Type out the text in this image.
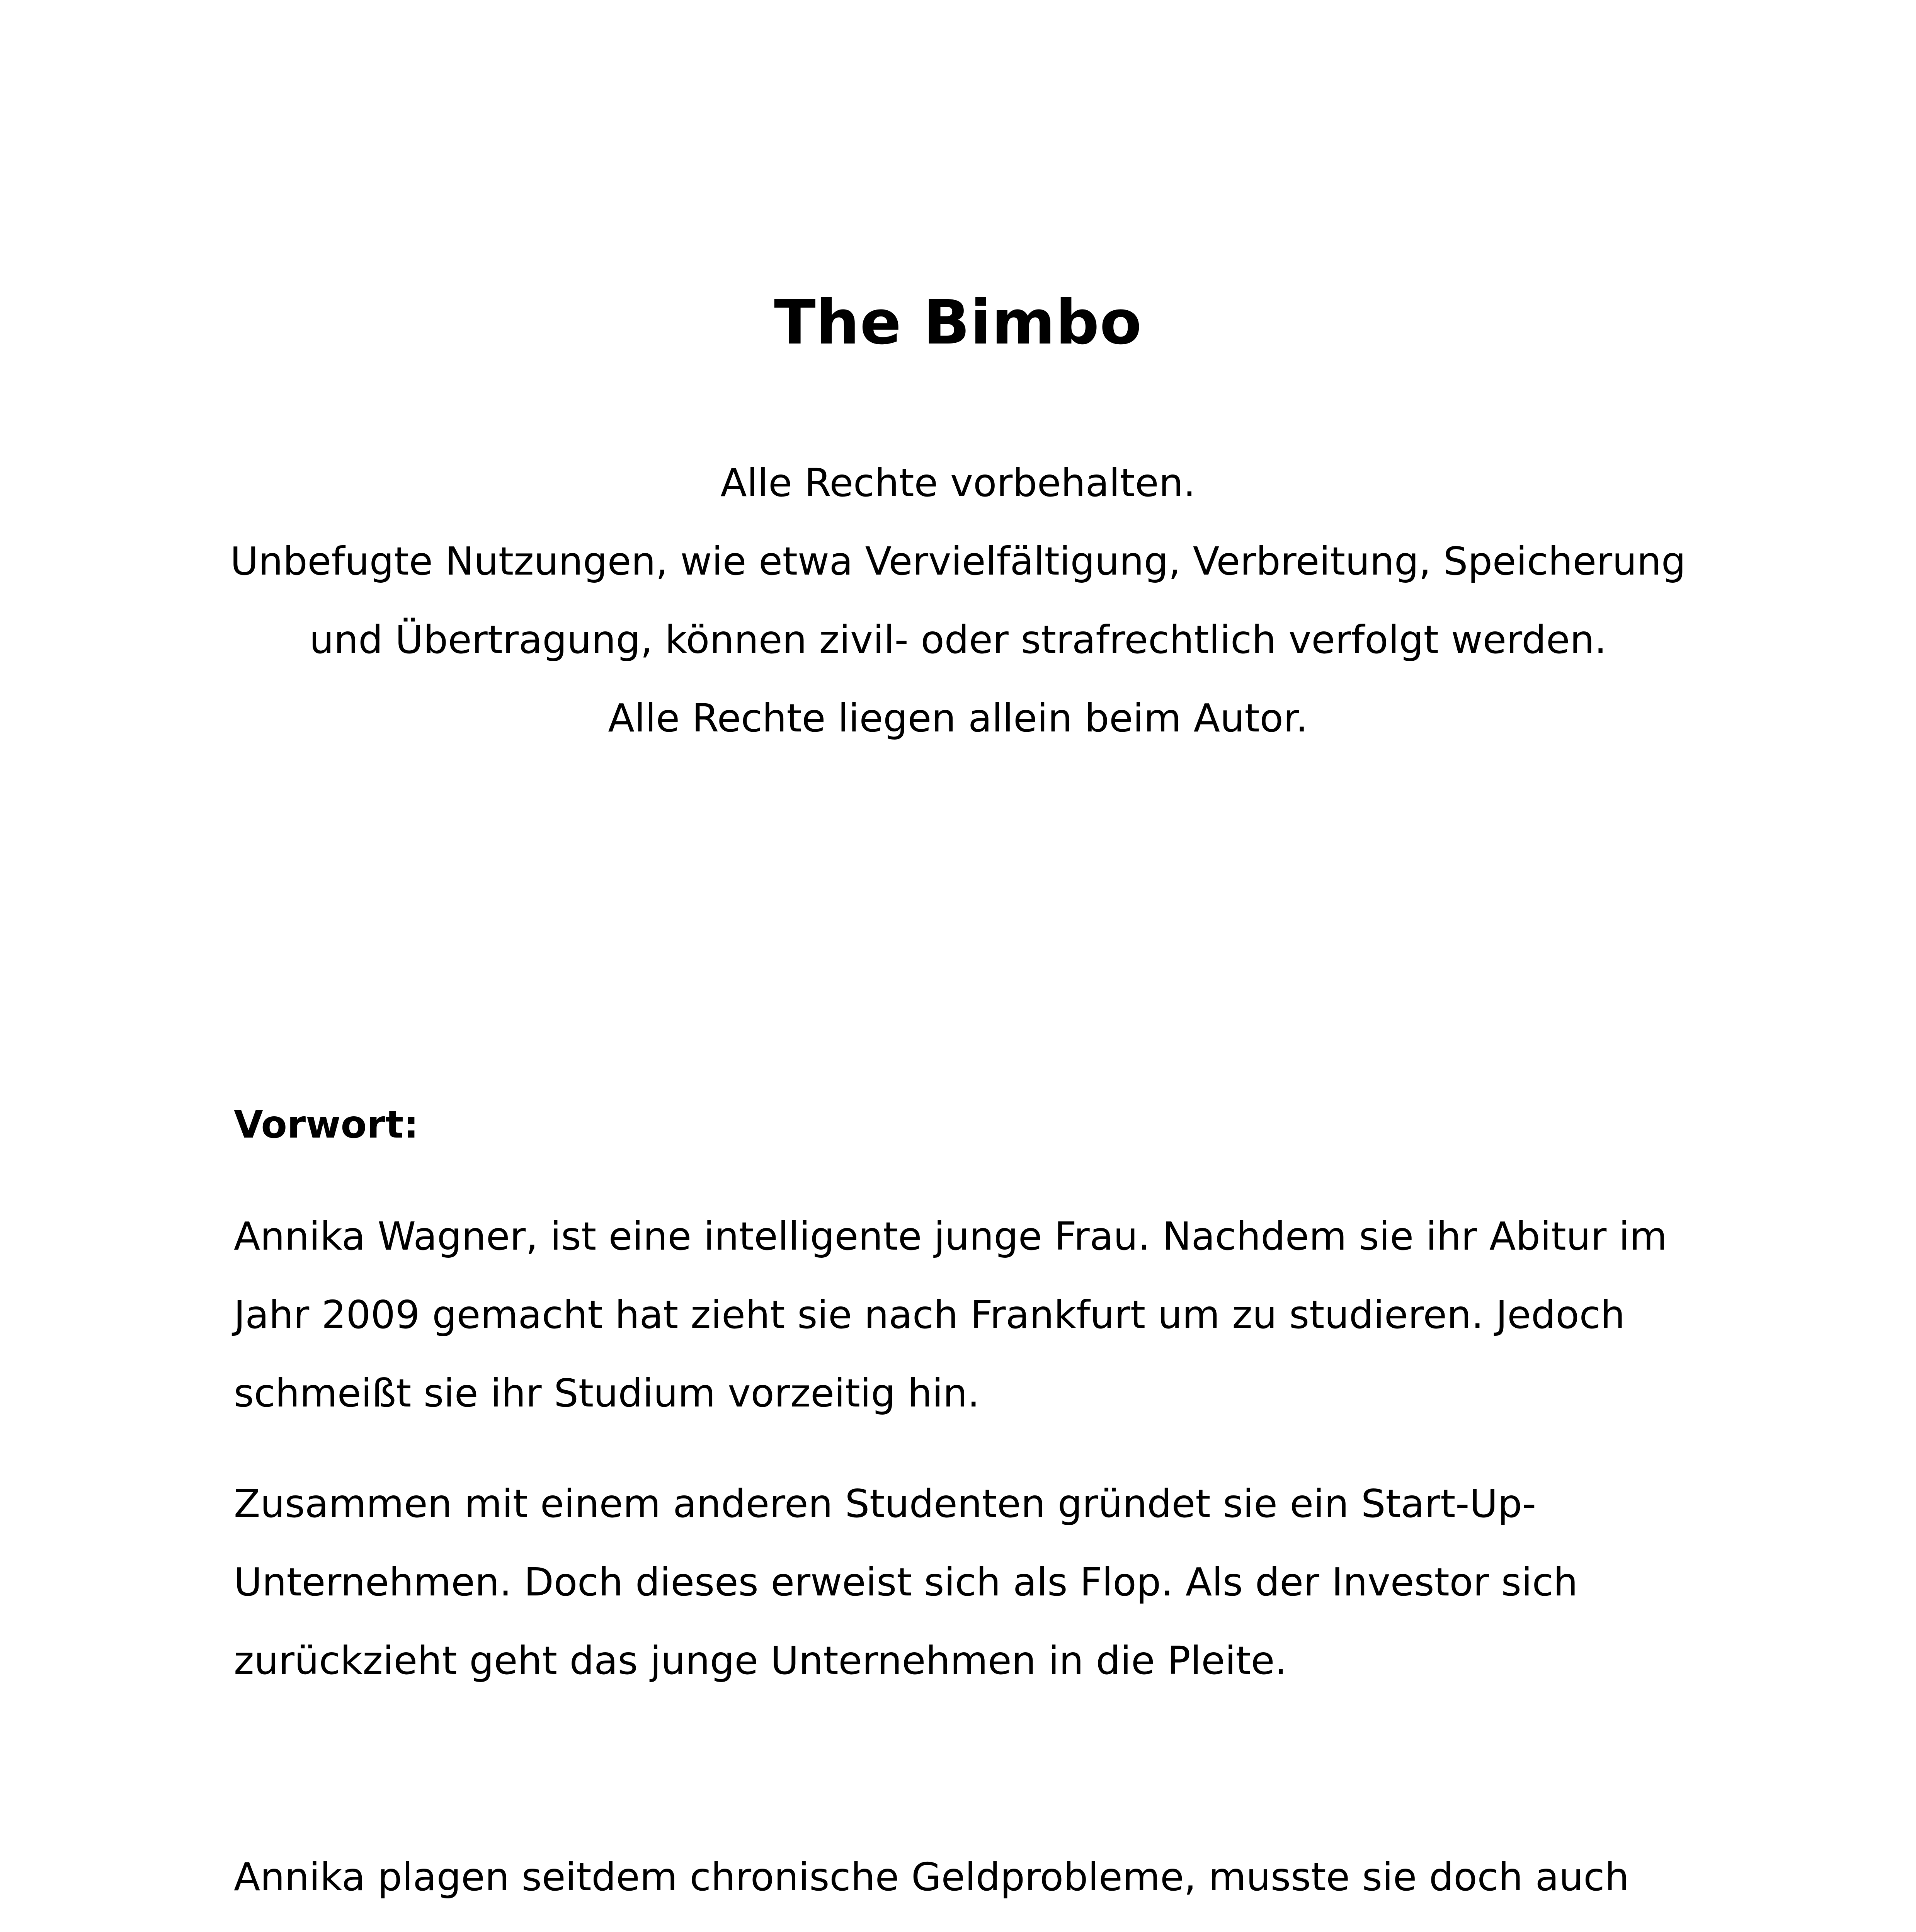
The Bimbo
Alle Rechte vorbehalten.
Unbefugte Nutzungen, wie etwa Vervielfältigung, Verbreitung, Speicherung
und Übertragung, können zivil- oder strafrechtlich verfolgt werden.
Alle Rechte liegen allein beim Autor.
Vorwort:
Annika Wagner, ist eine intelligente junge Frau. Nachdem sie ihr Abitur im
Jahr 2009 gemacht hat zieht sie nach Frankfurt um zu studieren. Jedoch
schmeißt sie ihr Studium vorzeitig hin.
Zusammen mit einem anderen Studenten gründet sie ein Start-Up-
Unternehmen. Doch dieses erweist sich als Flop. Als der Investor sich
zurückzieht geht das junge Unternehmen in die Pleite.
Annika plagen seitdem chronische Geldprobleme, musste sie doch auch
